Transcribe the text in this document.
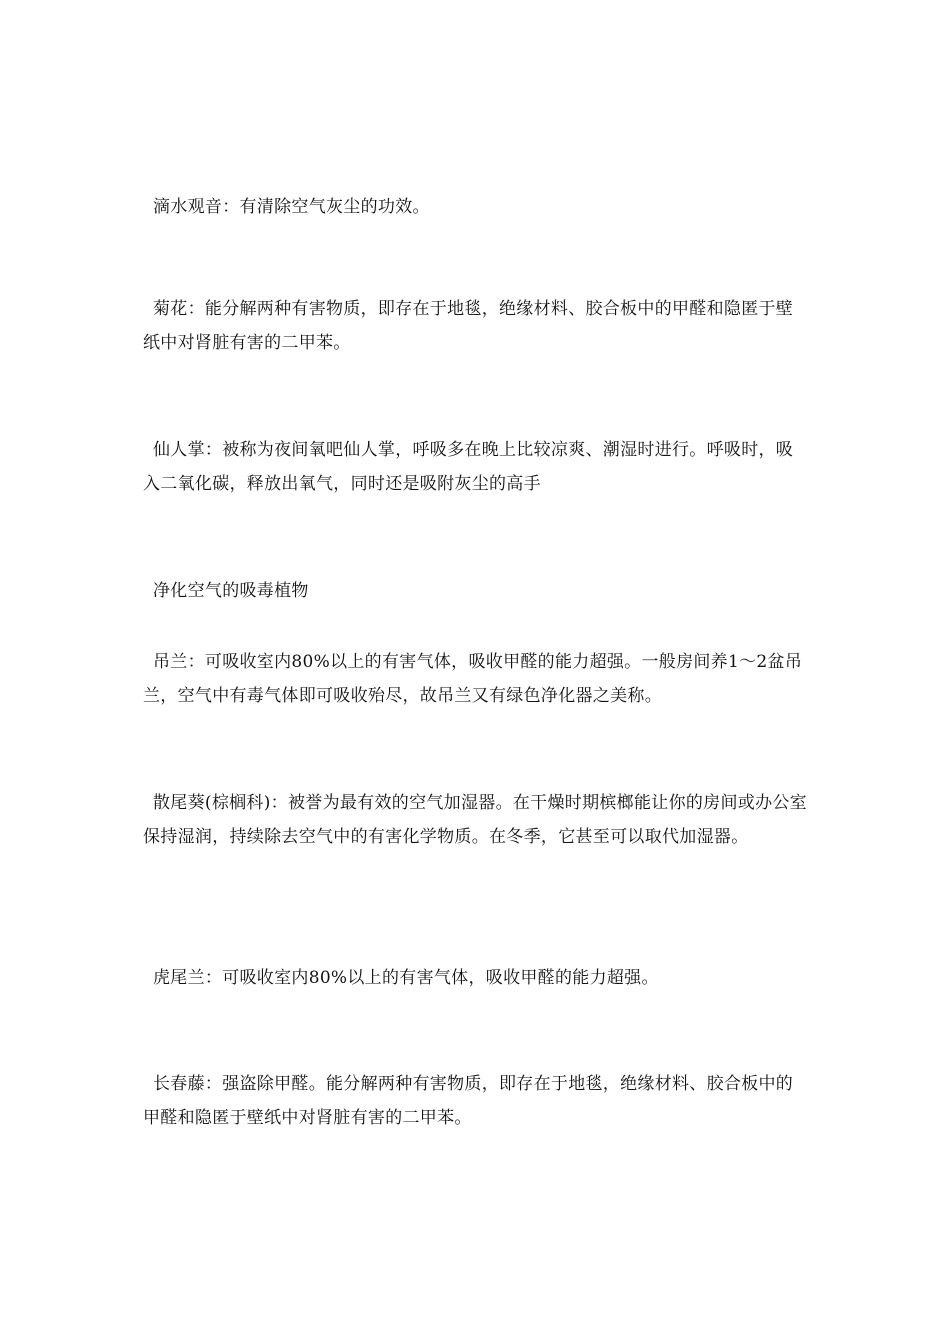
滴水观音：有清除空气灰尘的功效。

菊花：能分解两种有害物质，即存在于地毯，绝缘材料、胶合板中的甲醛和隐匿于壁纸中对肾脏有害的二甲苯。

仙人掌：被称为夜间氧吧仙人掌，呼吸多在晚上比较凉爽、潮湿时进行。呼吸时，吸入二氧化碳，释放出氧气，同时还是吸附灰尘的高手

净化空气的吸毒植物

吊兰：可吸收室内80%以上的有害气体，吸收甲醛的能力超强。一般房间养1～2盆吊兰，空气中有毒气体即可吸收殆尽，故吊兰又有绿色净化器之美称。

散尾葵(棕榈科)：被誉为最有效的空气加湿器。在干燥时期槟榔能让你的房间或办公室保持湿润，持续除去空气中的有害化学物质。在冬季，它甚至可以取代加湿器。

虎尾兰：可吸收室内80%以上的有害气体，吸收甲醛的能力超强。

长春藤：强盗除甲醛。能分解两种有害物质，即存在于地毯，绝缘材料、胶合板中的甲醛和隐匿于壁纸中对肾脏有害的二甲苯。
